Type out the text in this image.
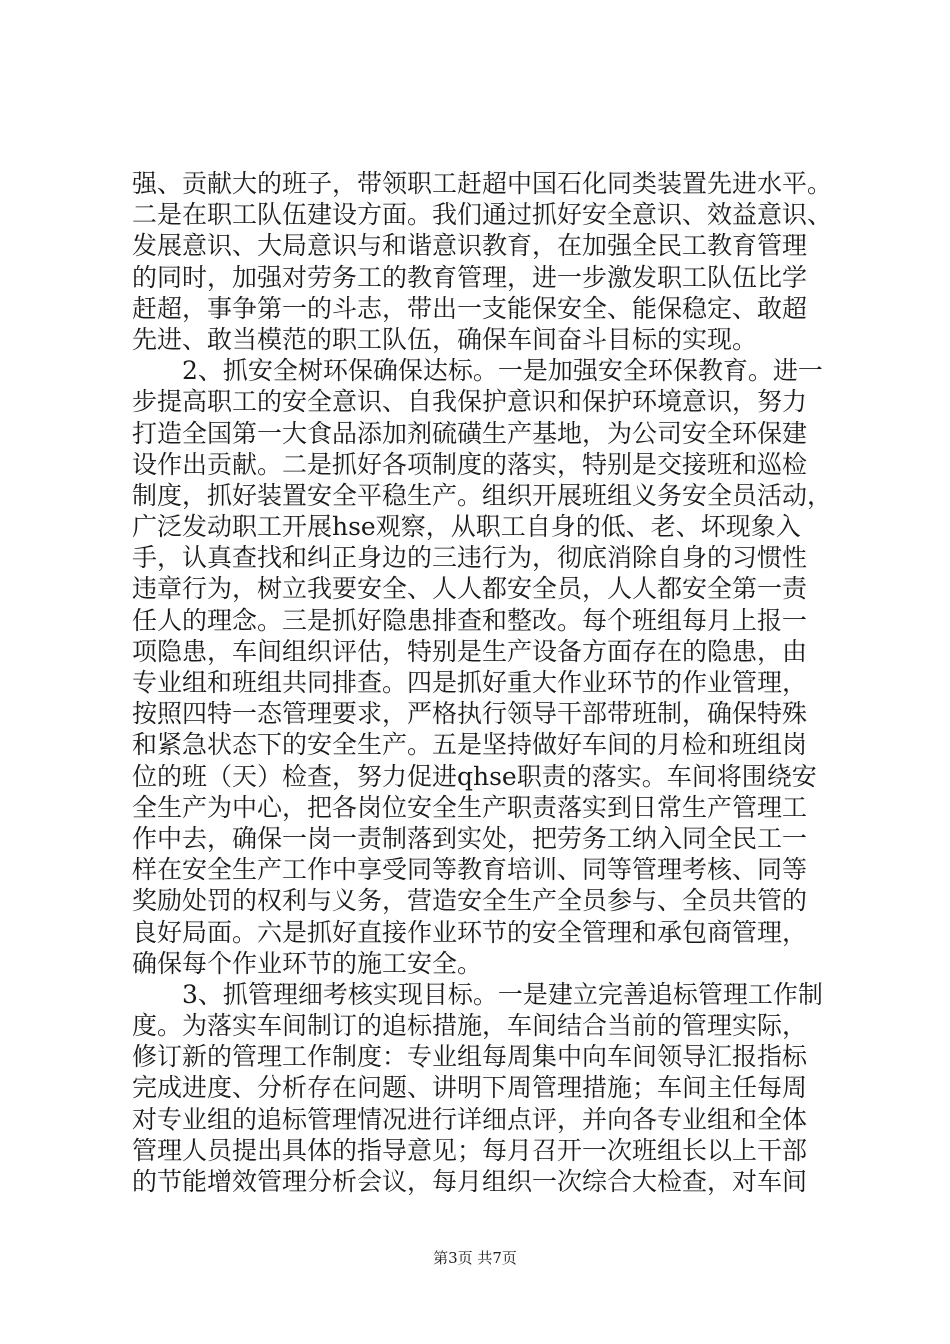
强、贡献大的班子，带领职工赶超中国石化同类装置先进水平。
二是在职工队伍建设方面。我们通过抓好安全意识、效益意识、
发展意识、大局意识与和谐意识教育，在加强全民工教育管理
的同时，加强对劳务工的教育管理，进一步激发职工队伍比学
赶超，事争第一的斗志，带出一支能保安全、能保稳定、敢超
先进、敢当模范的职工队伍，确保车间奋斗目标的实现。
2、抓安全树环保确保达标。一是加强安全环保教育。进一
步提高职工的安全意识、自我保护意识和保护环境意识，努力
打造全国第一大食品添加剂硫磺生产基地，为公司安全环保建
设作出贡献。二是抓好各项制度的落实，特别是交接班和巡检
制度，抓好装置安全平稳生产。组织开展班组义务安全员活动，
广泛发动职工开展hse观察，从职工自身的低、老、坏现象入
手，认真查找和纠正身边的三违行为，彻底消除自身的习惯性
违章行为，树立我要安全、人人都安全员，人人都安全第一责
任人的理念。三是抓好隐患排查和整改。每个班组每月上报一
项隐患，车间组织评估，特别是生产设备方面存在的隐患，由
专业组和班组共同排查。四是抓好重大作业环节的作业管理，
按照四特一态管理要求，严格执行领导干部带班制，确保特殊
和紧急状态下的安全生产。五是坚持做好车间的月检和班组岗
位的班（天）检查，努力促进qhse职责的落实。车间将围绕安
全生产为中心，把各岗位安全生产职责落实到日常生产管理工
作中去，确保一岗一责制落到实处，把劳务工纳入同全民工一
样在安全生产工作中享受同等教育培训、同等管理考核、同等
奖励处罚的权利与义务，营造安全生产全员参与、全员共管的
良好局面。六是抓好直接作业环节的安全管理和承包商管理，
确保每个作业环节的施工安全。
3、抓管理细考核实现目标。一是建立完善追标管理工作制
度。为落实车间制订的追标措施，车间结合当前的管理实际，
修订新的管理工作制度：专业组每周集中向车间领导汇报指标
完成进度、分析存在问题、讲明下周管理措施；车间主任每周
对专业组的追标管理情况进行详细点评，并向各专业组和全体
管理人员提出具体的指导意见；每月召开一次班组长以上干部
的节能增效管理分析会议，每月组织一次综合大检查，对车间
第3页 共7页
